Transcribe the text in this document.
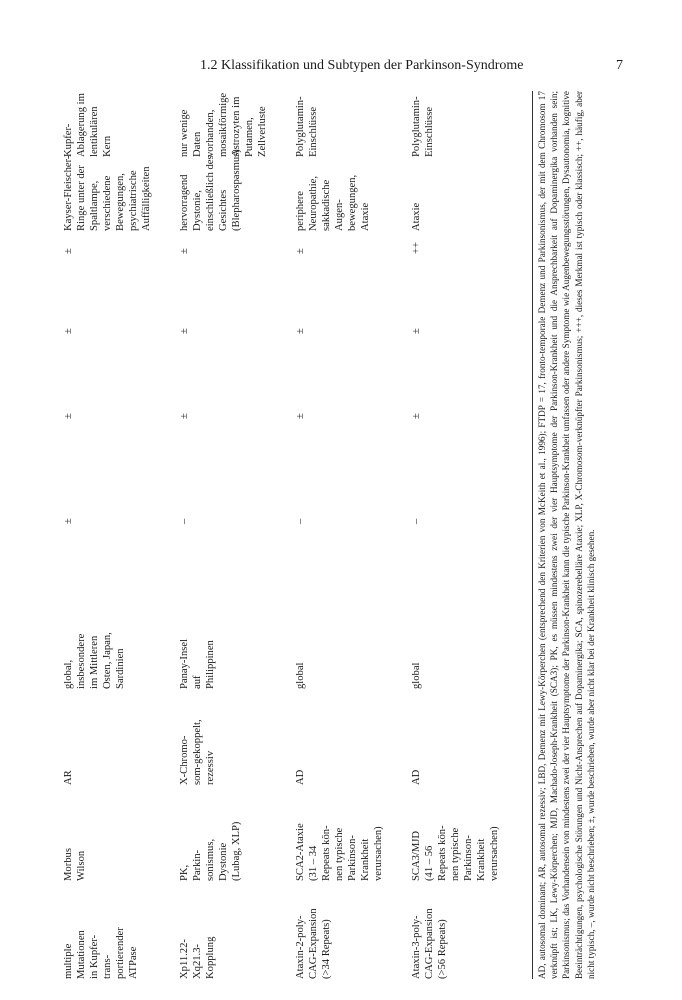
1.2 Klassifikation und Subtypen der Parkinson-Syndrome	7
multiple Mutationen in Kupfer- trans- portierender ATPase
Morbus Wilson
AR
global, insbesondere im Mittleren Osten, Japan, Sardinien
±
±
±
±
Kayser-Fleischer- Ringe unter der Spaltlampe, verschiedene Bewegungen, psychiatrische Auffälligkeiten
Kupfer- Ablagerung im lentikulären Kern
Xp11.22- Xq21.3- Kopplung
PK, Parkin- sonismus, Dystonie (Lubag, XLP)
X-Chromo- som-gekoppelt, rezessiv
Panay-Insel auf Philippinen
–
±
±
±
hervorragend Dystonie, einschließlich des Gesichtes (Blepharospasmus)
nur wenige Daten vorhanden, mosaikförmige Astrozyten im Putamen, Zellverluste
Ataxin-2-poly- CAG-Expansion (>34 Repeats)
SCA2-Ataxie (31 – 34 Repeats kön- nen typische Parkinson- Krankheit verursachen)
AD
global
–
±
±
±
periphere Neuropathie, sakkadische Augen- bewegungen, Ataxie
Polyglutamin- Einschlüsse
Ataxin-3-poly- CAG-Expansion (>56 Repeats)
SCA3/MJD (41 – 56 Repeats kön- nen typische Parkinson- Krankheit verursachen)
AD
global
–
±
±
++
Ataxie
Polyglutamin- Einschlüsse	AD, autosomal dominant; AR, autosomal rezessiv; LBD, Demenz mit Lewy-Körperchen (entsprechend den Kriterien von McKeith et al., 1996); FTDP = 17, fronto-temporale Demenz und Parkinsonismus, der mit dem Chromosom 17 verknüpft ist; LK, Lewy-Körperchen; MJD, Machado-Joseph-Krankheit (SCA3); PK, es müssen mindestens zwei der vier Hauptsymptome der Parkinson-Krankheit und die Ansprechbarkeit auf Dopaminergika vorhanden sein; Parkinsonismus; das Vorhandensein von mindestens zwei der vier Hauptsymptome der Parkinson-Krankheit kann die typische Parkinson-Krankheit umfassen oder andere Symptome wie Augenbewegungsstörungen, Dysautonomia, kognitive Beeinträchtigungen, psychologische Störungen und Nicht-Ansprechen auf Dopaminergika; SCA, spinozerebelläre Ataxie; XLP, X-Chromosom-verknüpfter Parkinsonismus; +++, dieses Merkmal ist typisch oder klassisch; ++, häufig, aber nicht typisch, –, wurde nicht beschrieben; ±, wurde beschrieben, wurde aber nicht klar bei der Krankheit klinisch gesehen.
